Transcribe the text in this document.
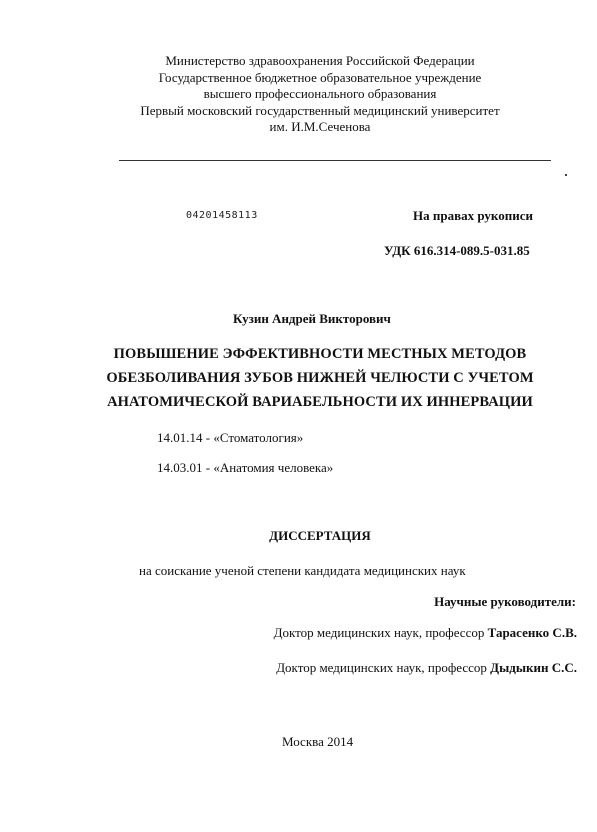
Министерство здравоохранения Российской Федерации
Государственное бюджетное образовательное учреждение
высшего профессионального образования
Первый московский государственный медицинский университет
им. И.М.Сеченова
04201458113	На правах рукописи
УДК 616.314-089.5-031.85
Кузин Андрей Викторович
ПОВЫШЕНИЕ ЭФФЕКТИВНОСТИ МЕСТНЫХ МЕТОДОВ
ОБЕЗБОЛИВАНИЯ ЗУБОВ НИЖНЕЙ ЧЕЛЮСТИ С УЧЕТОМ
АНАТОМИЧЕСКОЙ ВАРИАБЕЛЬНОСТИ ИХ ИННЕРВАЦИИ
14.01.14 - «Стоматология»
14.03.01 - «Анатомия человека»
ДИССЕРТАЦИЯ
на соискание ученой степени кандидата медицинских наук
Научные руководители:
Доктор медицинских наук, профессор Тарасенко С.В.
Доктор медицинских наук, профессор Дыдыкин С.С.
Москва 2014
